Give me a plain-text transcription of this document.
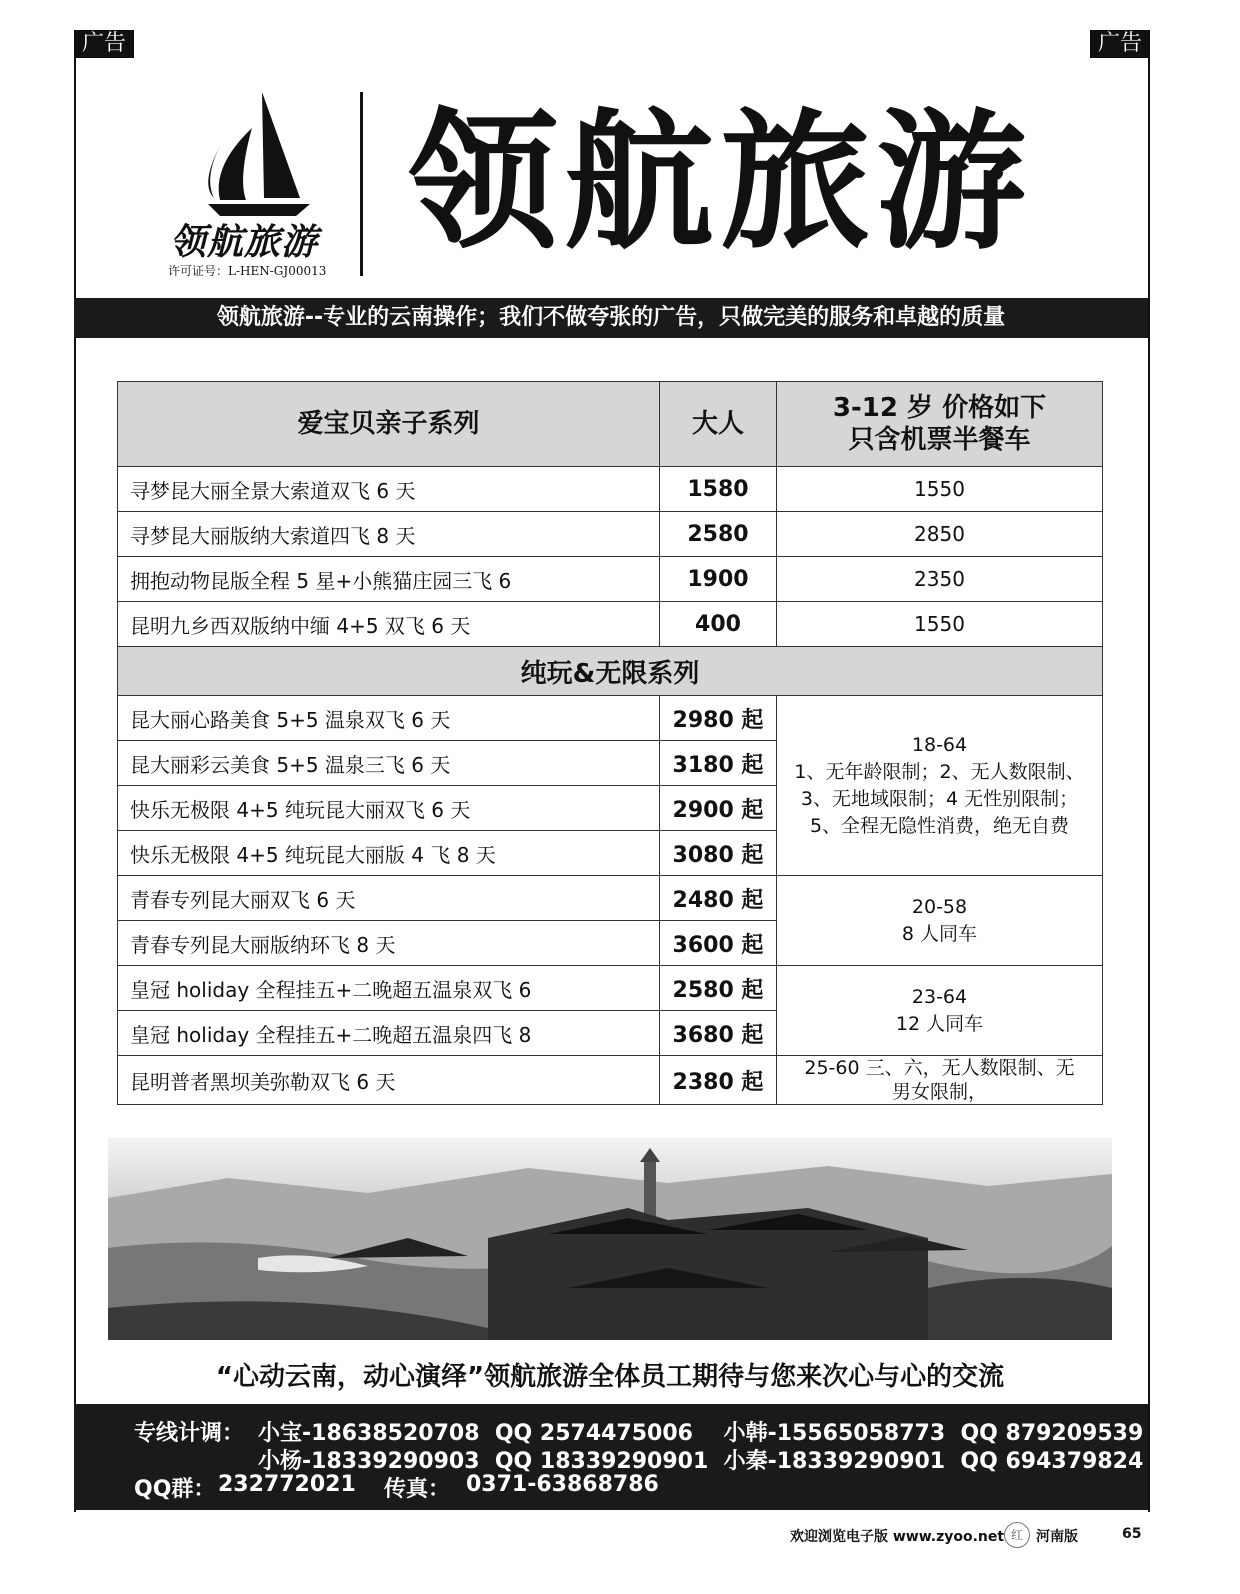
广告	广告
领航旅游
许可证号：L-HEN-GJ00013
领航旅游
领航旅游--专业的云南操作；我们不做夸张的广告，只做完美的服务和卓越的质量
爱宝贝亲子系列	大人	3-12 岁 价格如下
只含机票半餐车

寻梦昆大丽全景大索道双飞 6 天	1580	1550
寻梦昆大丽版纳大索道四飞 8 天	2580	2850
拥抱动物昆版全程 5 星+小熊猫庄园三飞 6	1900	2350
昆明九乡西双版纳中缅 4+5 双飞 6 天	400	1550
纯玩&无限系列		
昆大丽心路美食 5+5 温泉双飞 6 天	2980 起	18-64
1、无年龄限制；2、无人数限制、
3、无地域限制；4 无性别限制；
5、全程无隐性消费，绝无自费

昆大丽彩云美食 5+5 温泉三飞 6 天	3180 起	
快乐无极限 4+5 纯玩昆大丽双飞 6 天	2900 起	
快乐无极限 4+5 纯玩昆大丽版 4 飞 8 天	3080 起	
青春专列昆大丽双飞 6 天	2480 起	20-58
8 人同车

青春专列昆大丽版纳环飞 8 天	3600 起	
皇冠 holiday 全程挂五+二晚超五温泉双飞 6	2580 起	23-64
12 人同车

皇冠 holiday 全程挂五+二晚超五温泉四飞 8	3680 起	
昆明普者黑坝美弥勒双飞 6 天	2380 起	25-60 三、六，无人数限制、无
男女限制，
“心动云南，动心演绎”领航旅游全体员工期待与您来次心与心的交流
专线计调： 小宝-18638520708  QQ 2574475006    小韩-15565058773  QQ 879209539
小杨-18339290903  QQ 18339290901  小秦-18339290901  QQ 694379824
QQ群： 232772021 传真： 0371-63868786
欢迎浏览电子版 www.zyoo.net 红 河南版	65
